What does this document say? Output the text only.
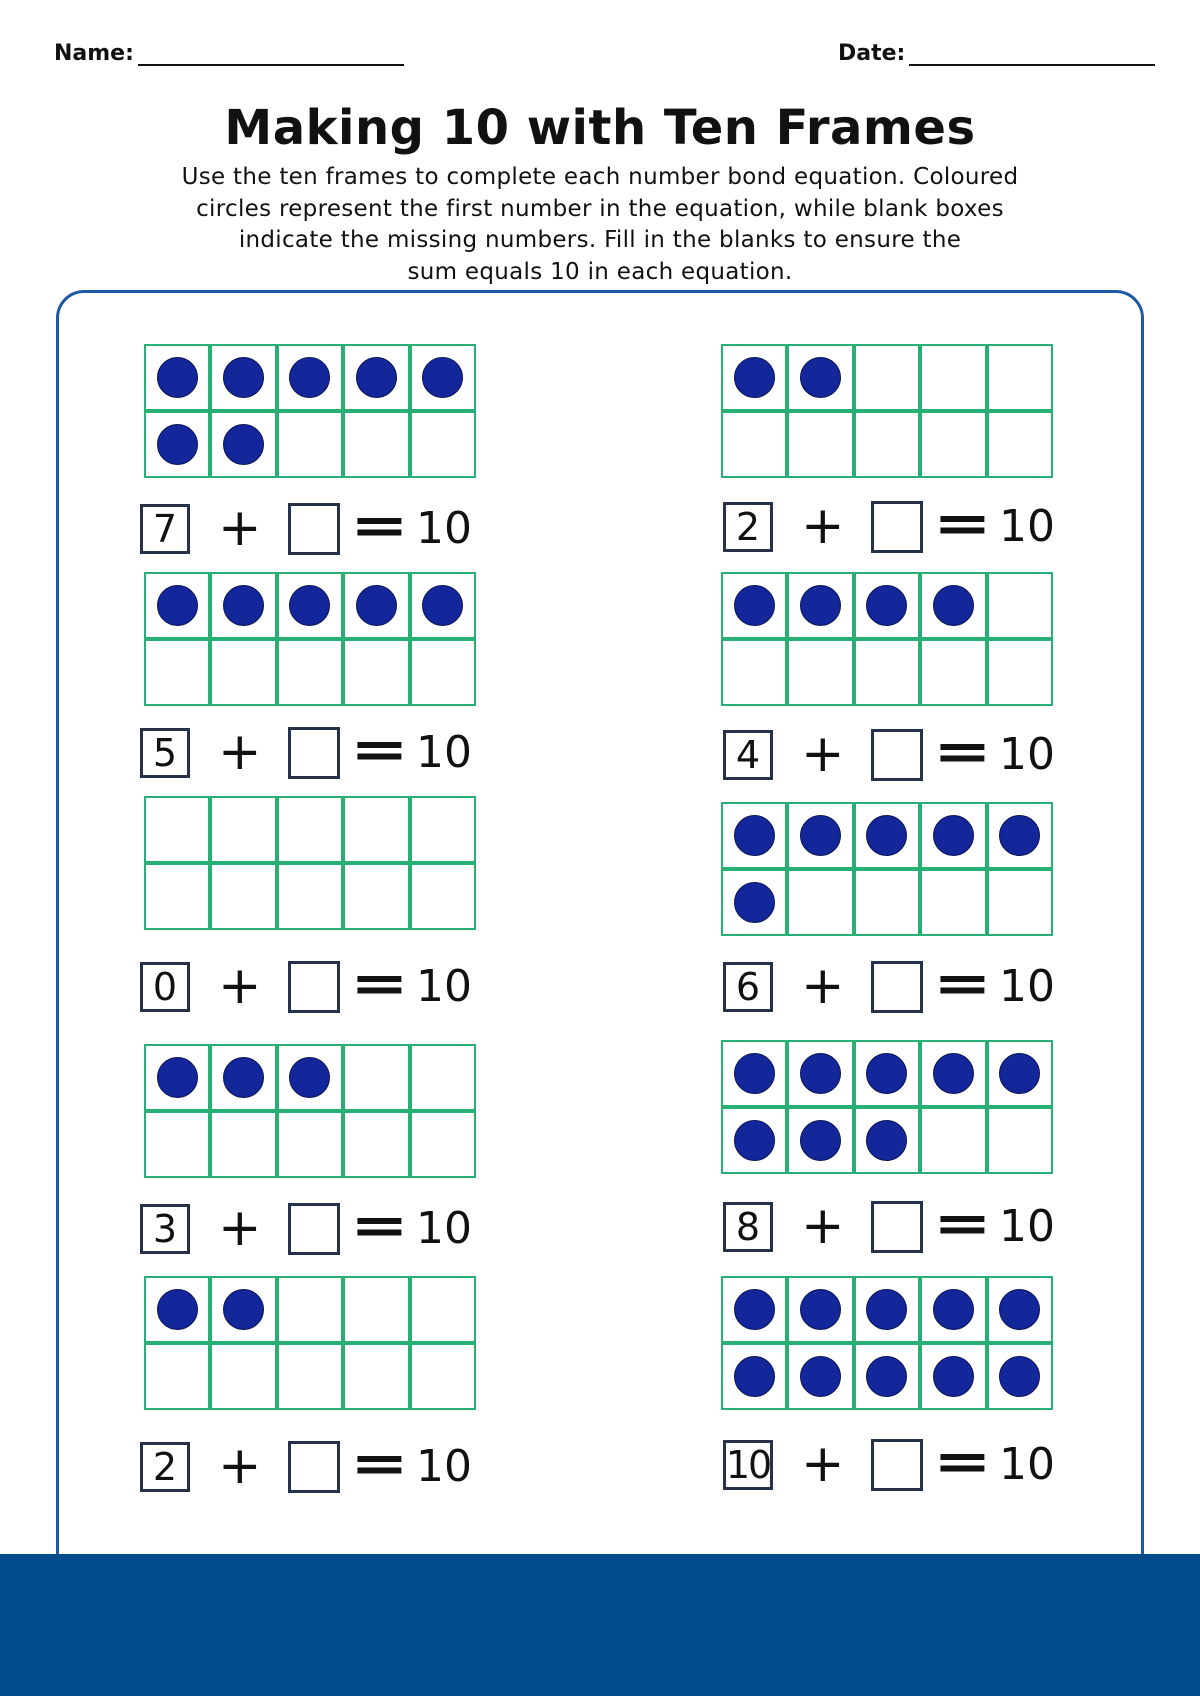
Name:	Date:
Making 10 with Ten Frames

Use the ten frames to complete each number bond equation. Coloured
circles represent the first number in the equation, while blank boxes
indicate the missing numbers. Fill in the blanks to ensure the
sum equals 10 in each equation.

7 + = 10
5 + = 10
0 + = 10
3 + = 10
2 + = 10
2 + = 10
4 + = 10
6 + = 10
8 + = 10
10 + = 10
